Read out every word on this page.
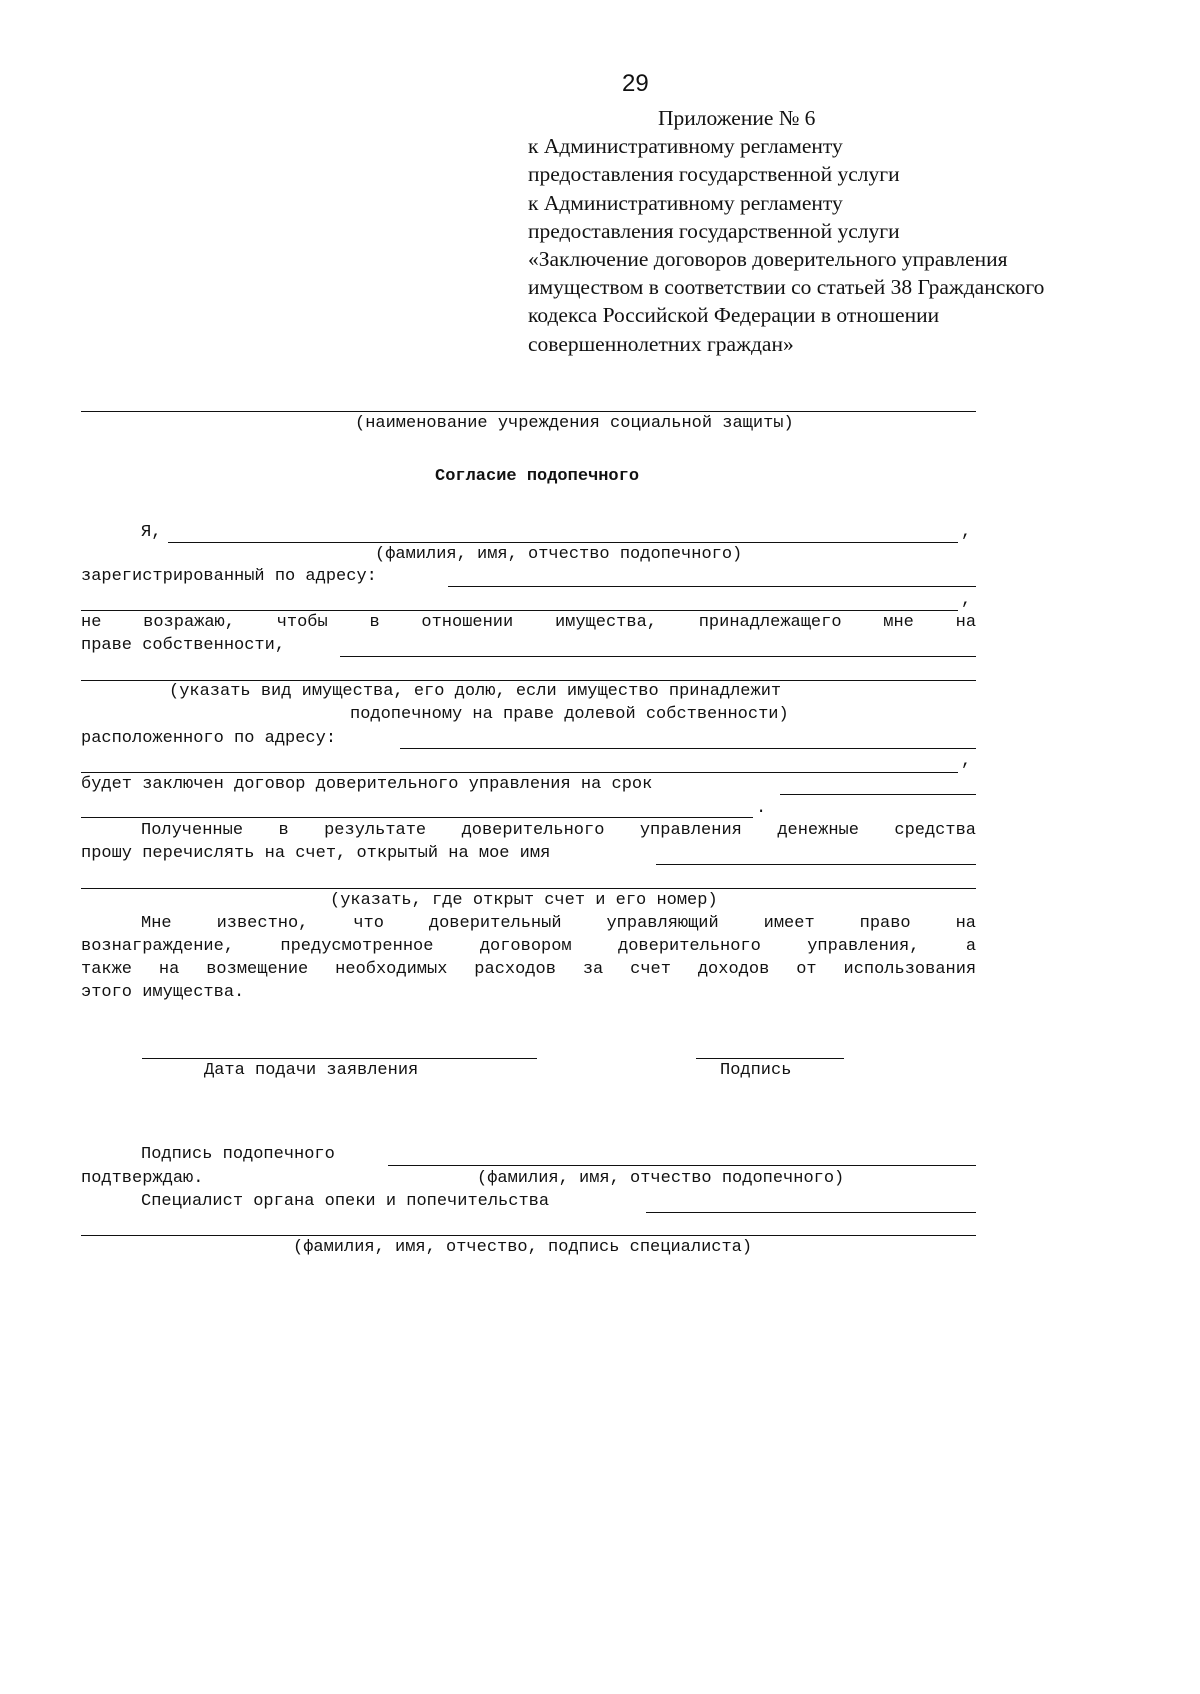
29
Приложение № 6
к Административному регламенту
предоставления государственной услуги
к Административному регламенту
предоставления государственной услуги
«Заключение договоров доверительного управления
имуществом в соответствии со статьей 38 Гражданского
кодекса Российской Федерации в отношении
совершеннолетних граждан»
(наименование учреждения социальной защиты)
Согласие подопечного
Я,	,
(фамилия, имя, отчество подопечного)
зарегистрированный по адресу:
,
не возражаю, чтобы в отношении имущества, принадлежащего мне на
праве собственности,
(указать вид имущества, его долю, если имущество принадлежит
подопечному на праве долевой собственности)
расположенного по адресу:
,
будет заключен договор доверительного управления на срок
.
Полученные в результате доверительного управления денежные средства
прошу перечислять на счет, открытый на мое имя
(указать, где открыт счет и его номер)
Мне	известно,	что	доверительный	управляющий	имеет	право	на
вознаграждение,	предусмотренное	договором	доверительного	управления,	а
также на возмещение необходимых расходов за счет доходов от использования
этого имущества.
Дата подачи заявления	Подпись
Подпись подопечного
подтверждаю.	(фамилия, имя, отчество подопечного)
Специалист органа опеки и попечительства
(фамилия, имя, отчество, подпись специалиста)
